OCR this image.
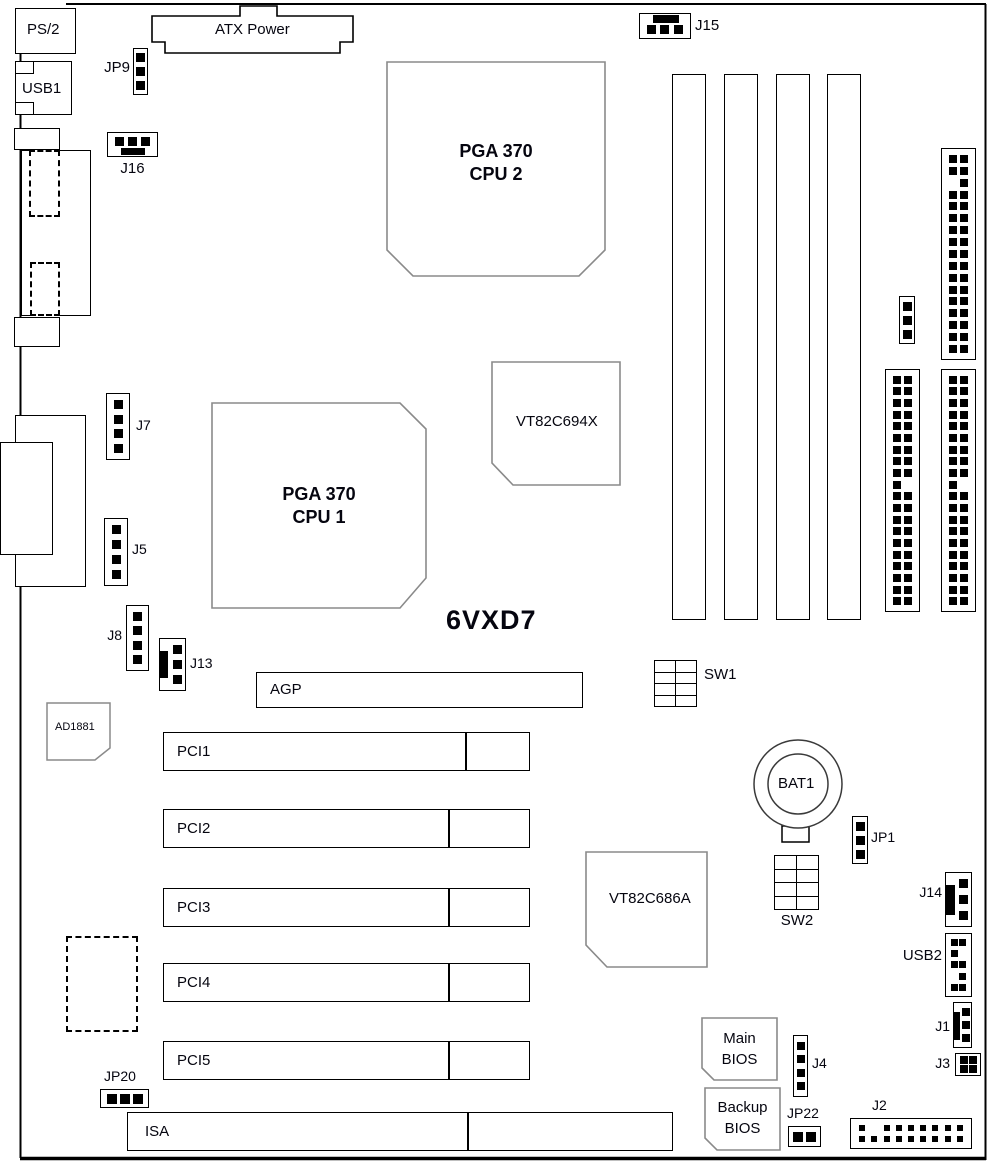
PS/2
USB1
JP9
J16
ATX Power	J15
PGA 370
CPU 2
PGA 370
CPU 1
VT82C694X
J7
J5
J8
J13
6VXD7
AGP
AD1881
PCI1
PCI2
PCI3
PCI4
PCI5
ISA
SW1
BAT1
JP1
SW2
VT82C686A	J14
USB2
J1
J3
Main
BIOS
Backup
BIOS
J4
JP22	J2
JP20
